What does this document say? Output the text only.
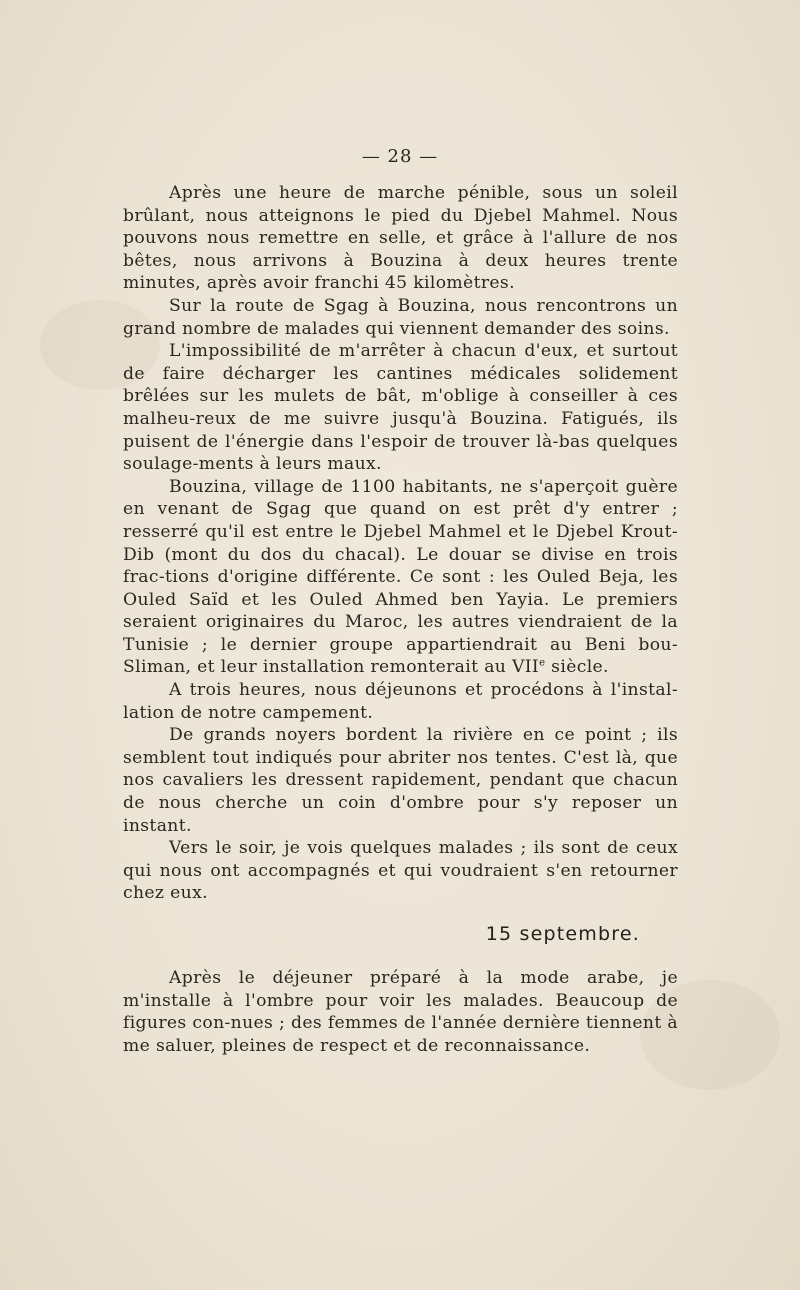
— 28 —

Après une heure de marche pénible, sous un soleil brûlant, nous atteignons le pied du Djebel Mahmel. Nous pouvons nous remettre en selle, et grâce à l'allure de nos bêtes, nous arrivons à Bouzina à deux heures trente minutes, après avoir franchi 45 kilomètres.

Sur la route de Sgag à Bouzina, nous rencontrons un grand nombre de malades qui viennent demander des soins.

L'impossibilité de m'arrêter à chacun d'eux, et surtout de faire décharger les cantines médicales solidement brêlées sur les mulets de bât, m'oblige à conseiller à ces malheu-reux de me suivre jusqu'à Bouzina. Fatigués, ils puisent de l'énergie dans l'espoir de trouver là-bas quelques soulage-ments à leurs maux.

Bouzina, village de 1100 habitants, ne s'aperçoit guère en venant de Sgag que quand on est prêt d'y entrer ; resserré qu'il est entre le Djebel Mahmel et le Djebel Krout-Dib (mont du dos du chacal). Le douar se divise en trois frac-tions d'origine différente. Ce sont : les Ouled Beja, les Ouled Saïd et les Ouled Ahmed ben Yayia. Le premiers seraient originaires du Maroc, les autres viendraient de la Tunisie ; le dernier groupe appartiendrait au Beni bou-Sliman, et leur installation remonterait au VIIe siècle.

A trois heures, nous déjeunons et procédons à l'instal-lation de notre campement.

De grands noyers bordent la rivière en ce point ; ils semblent tout indiqués pour abriter nos tentes. C'est là, que nos cavaliers les dressent rapidement, pendant que chacun de nous cherche un coin d'ombre pour s'y reposer un instant.

Vers le soir, je vois quelques malades ; ils sont de ceux qui nous ont accompagnés et qui voudraient s'en retourner chez eux.

15 septembre.

Après le déjeuner préparé à la mode arabe, je m'installe à l'ombre pour voir les malades. Beaucoup de figures con-nues ; des femmes de l'année dernière tiennent à me saluer, pleines de respect et de reconnaissance.
